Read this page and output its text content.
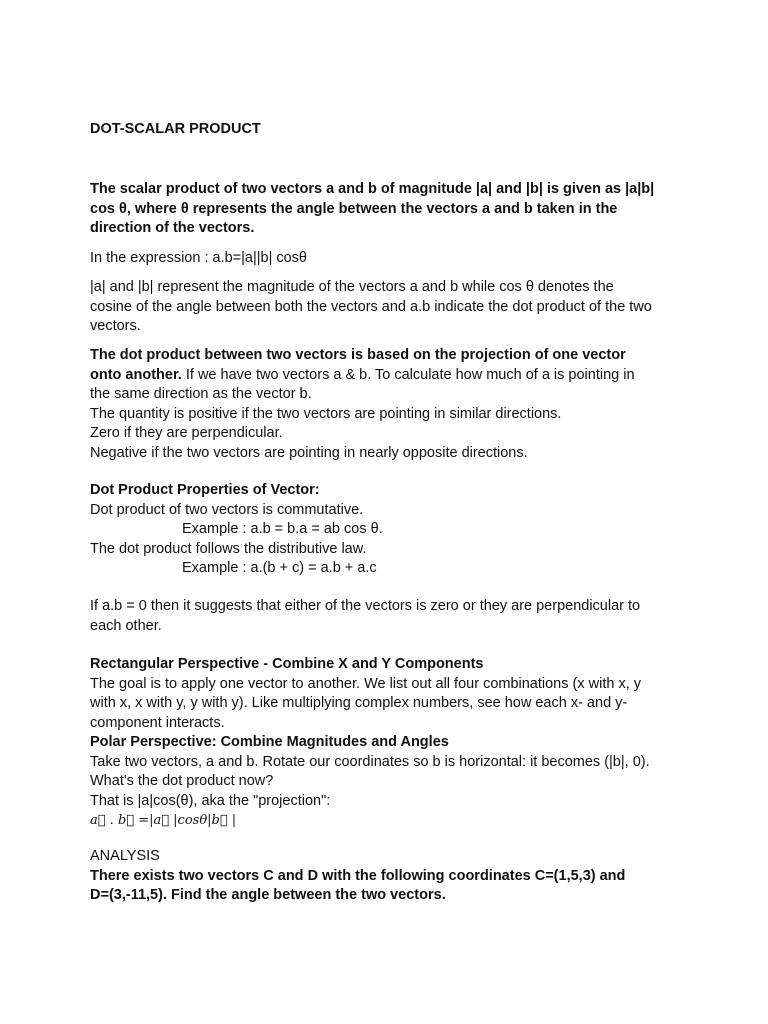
DOT-SCALAR PRODUCT
The scalar product of two vectors a and b of magnitude |a| and |b| is given as |a|b|
cos θ, where θ represents the angle between the vectors a and b taken in the
direction of the vectors.
In the expression : a.b=|a||b| cosθ
|a| and |b| represent the magnitude of the vectors a and b while cos θ denotes the
cosine of the angle between both the vectors and a.b indicate the dot product of the two
vectors.
The dot product between two vectors is based on the projection of one vector
onto another. If we have two vectors a & b. To calculate how much of a is pointing in
the same direction as the vector b.
The quantity is positive if the two vectors are pointing in similar directions.
Zero if they are perpendicular.
Negative if the two vectors are pointing in nearly opposite directions.
Dot Product Properties of Vector:
Dot product of two vectors is commutative.
Example : a.b = b.a = ab cos θ.
The dot product follows the distributive law.
Example : a.(b + c) = a.b + a.c
If a.b = 0 then it suggests that either of the vectors is zero or they are perpendicular to
each other.
Rectangular Perspective - Combine X and Y Components
The goal is to apply one vector to another. We list out all four combinations (x with x, y
with x, x with y, y with y). Like multiplying complex numbers, see how each x- and y-
component interacts.
Polar Perspective: Combine Magnitudes and Angles
Take two vectors, a and b. Rotate our coordinates so b is horizontal: it becomes (|b|, 0).
What's the dot product now?
That is |a|cos(θ), aka the "projection":
a⃗ . b⃗ =|a⃗ |cosθ|b⃗ |
ANALYSIS
There exists two vectors C and D with the following coordinates C=(1,5,3) and
D=(3,-11,5). Find the angle between the two vectors.
